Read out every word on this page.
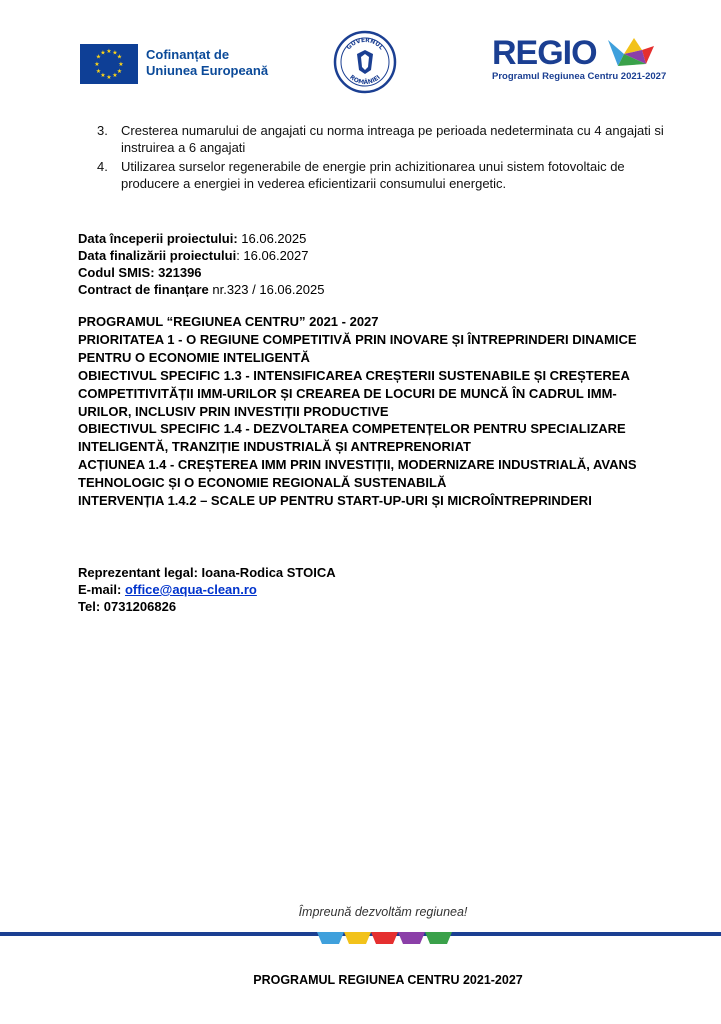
★ ★
★
★
★
★
★
★
★
★
★
★	Cofinanțat de
Uniunea Europeană
GUVERNUL
ROMÂNIEI
REGIO
Programul Regiunea Centru 2021-2027
3. Cresterea numarului de angajati cu norma intreaga pe perioada nedeterminata cu 4 angajati si instruirea a 6 angajati
4. Utilizarea surselor regenerabile de energie prin achizitionarea unui sistem fotovoltaic de producere a energiei in vederea eficientizarii consumului energetic.
Data începerii proiectului: 16.06.2025
Data finalizării proiectului: 16.06.2027
Codul SMIS: 321396
Contract de finanțare nr.323 / 16.06.2025
PROGRAMUL “REGIUNEA CENTRU” 2021 - 2027
PRIORITATEA 1 - O REGIUNE COMPETITIVĂ PRIN INOVARE ȘI ÎNTREPRINDERI DINAMICE PENTRU O ECONOMIE INTELIGENTĂ
OBIECTIVUL SPECIFIC 1.3 - INTENSIFICAREA CREȘTERII SUSTENABILE ȘI CREȘTEREA COMPETITIVITĂȚII IMM-URILOR ȘI CREAREA DE LOCURI DE MUNCĂ ÎN CADRUL IMM-URILOR, INCLUSIV PRIN INVESTIȚII PRODUCTIVE
OBIECTIVUL SPECIFIC 1.4 - DEZVOLTAREA COMPETENȚELOR PENTRU SPECIALIZARE INTELIGENTĂ, TRANZIȚIE INDUSTRIALĂ ȘI ANTREPRENORIAT
ACȚIUNEA 1.4 - CREȘTEREA IMM PRIN INVESTIȚII, MODERNIZARE INDUSTRIALĂ, AVANS TEHNOLOGIC ȘI O ECONOMIE REGIONALĂ SUSTENABILĂ
INTERVENȚIA 1.4.2 – SCALE UP PENTRU START-UP-URI ȘI MICROÎNTREPRINDERI
Reprezentant legal: Ioana-Rodica STOICA
E-mail: office@aqua-clean.ro
Tel: 0731206826
Împreună dezvoltăm regiunea!
PROGRAMUL REGIUNEA CENTRU 2021-2027
